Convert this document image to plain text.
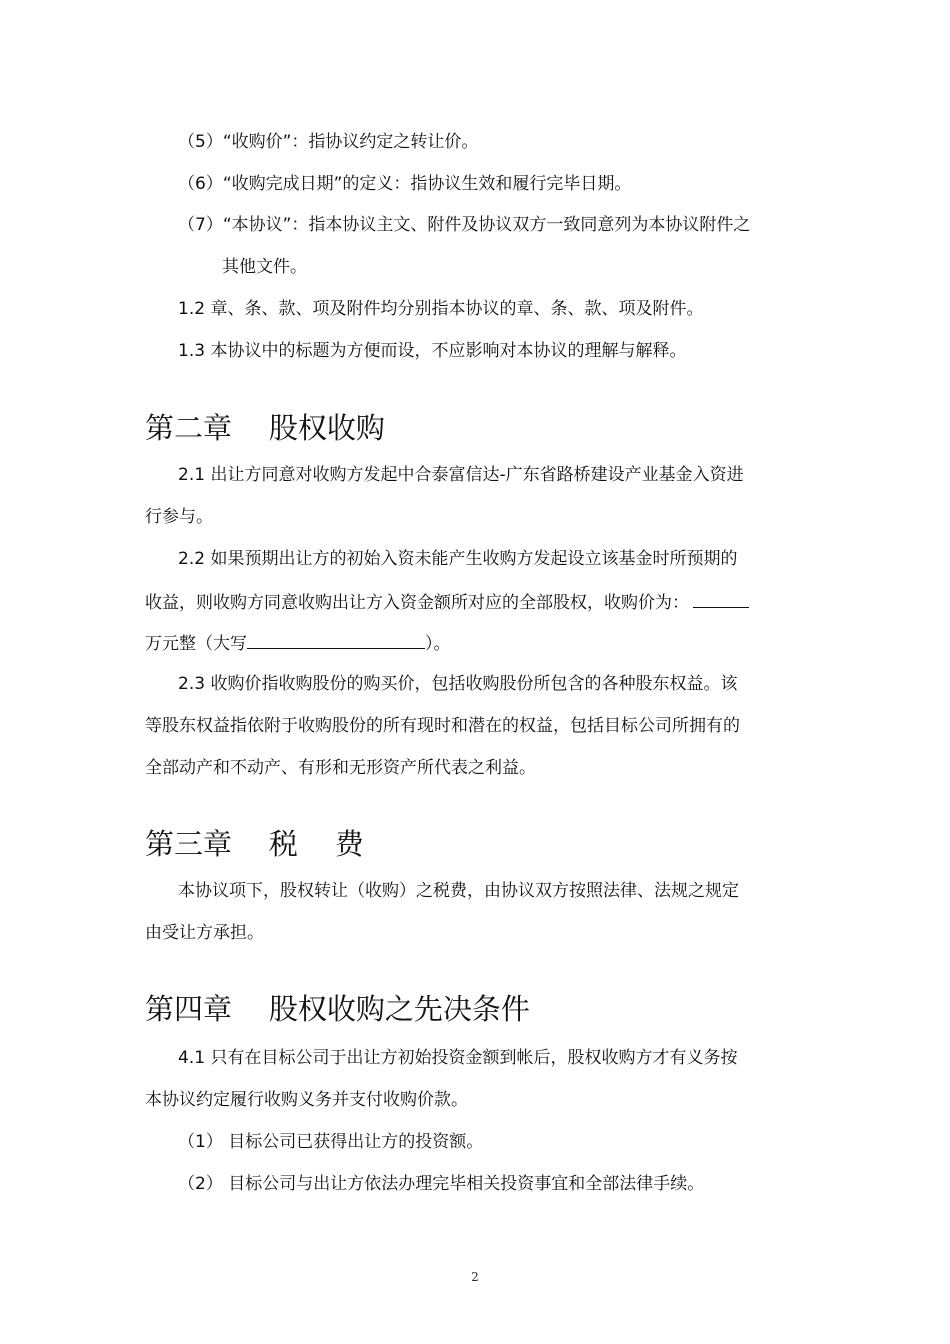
（5）“收购价”：指协议约定之转让价。
（6）“收购完成日期”的定义：指协议生效和履行完毕日期。
（7）“本协议”：指本协议主文、附件及协议双方一致同意列为本协议附件之
其他文件。
1.2 章、条、款、项及附件均分别指本协议的章、条、款、项及附件。
1.3 本协议中的标题为方便而设，不应影响对本协议的理解与解释。
第二章    股权收购
2.1 出让方同意对收购方发起中合泰富信达-广东省路桥建设产业基金入资进
行参与。
2.2 如果预期出让方的初始入资未能产生收购方发起设立该基金时所预期的
收益，则收购方同意收购出让方入资金额所对应的全部股权，收购价为：
万元整（大写	）。
2.3 收购价指收购股份的购买价，包括收购股份所包含的各种股东权益。该
等股东权益指依附于收购股份的所有现时和潜在的权益，包括目标公司所拥有的
全部动产和不动产、有形和无形资产所代表之利益。
第三章    税    费
本协议项下，股权转让（收购）之税费，由协议双方按照法律、法规之规定
由受让方承担。
第四章    股权收购之先决条件
4.1 只有在目标公司于出让方初始投资金额到帐后，股权收购方才有义务按
本协议约定履行收购义务并支付收购价款。
（1） 目标公司已获得出让方的投资额。
（2） 目标公司与出让方依法办理完毕相关投资事宜和全部法律手续。
2
